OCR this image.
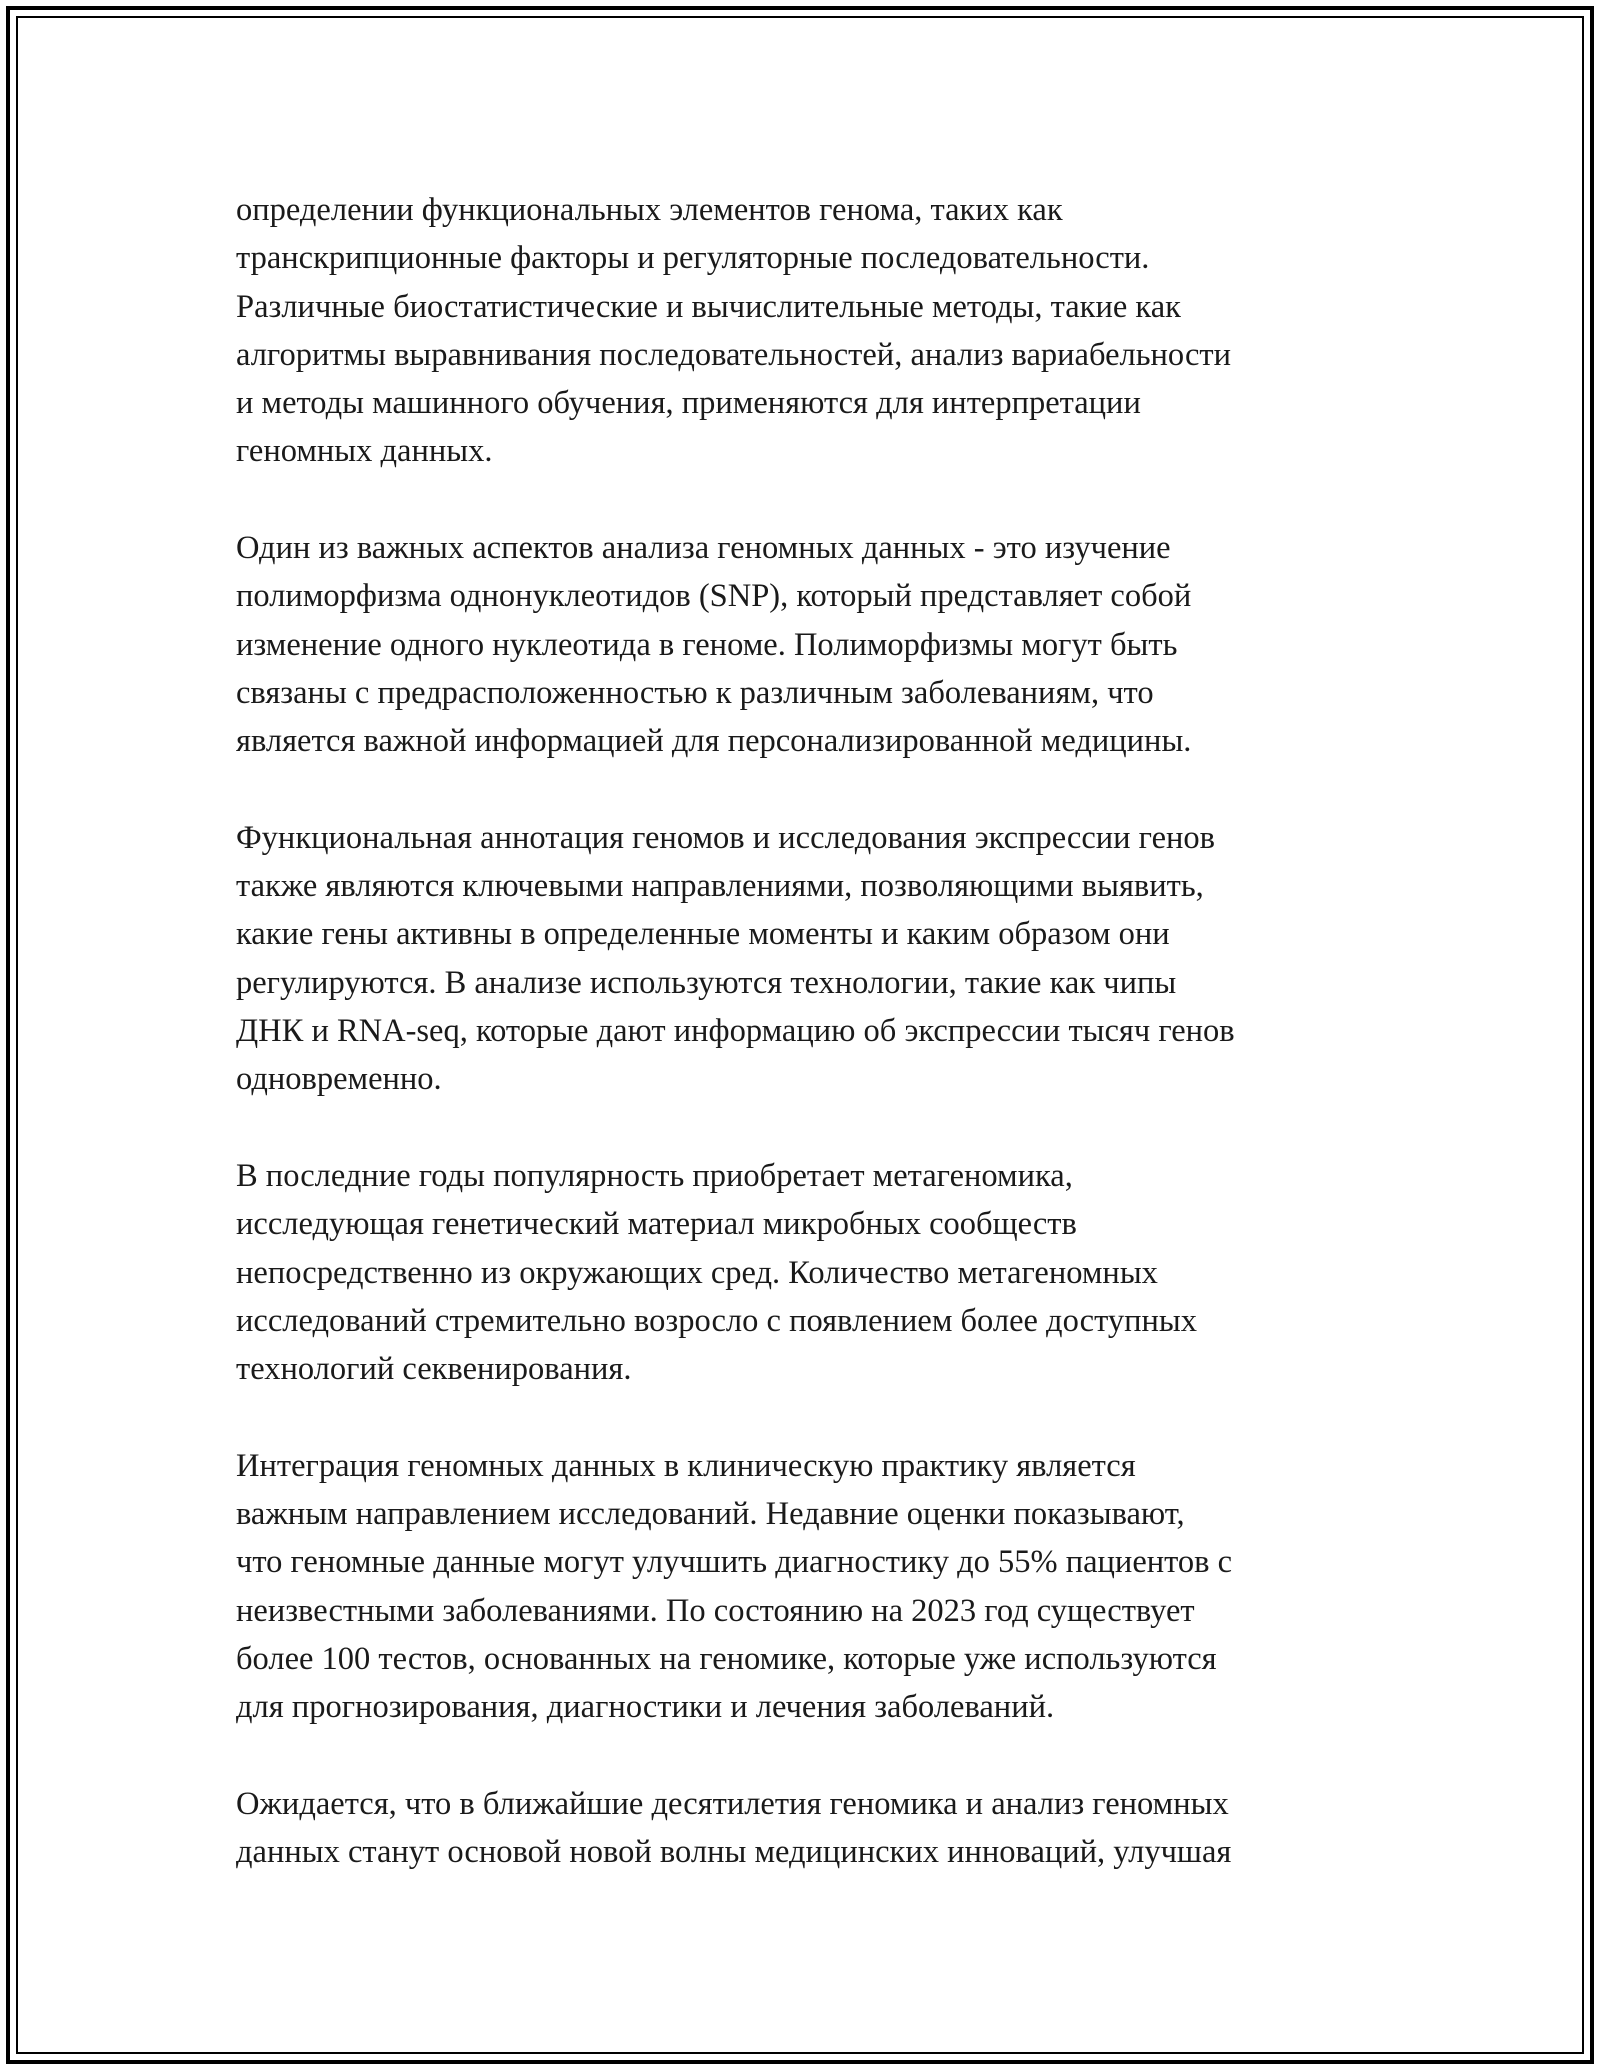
определении функциональных элементов генома, таких как
транскрипционные факторы и регуляторные последовательности.
Различные биостатистические и вычислительные методы, такие как
алгоритмы выравнивания последовательностей, анализ вариабельности
и методы машинного обучения, применяются для интерпретации
геномных данных.

Один из важных аспектов анализа геномных данных - это изучение
полиморфизма однонуклеотидов (SNP), который представляет собой
изменение одного нуклеотида в геноме. Полиморфизмы могут быть
связаны с предрасположенностью к различным заболеваниям, что
является важной информацией для персонализированной медицины.

Функциональная аннотация геномов и исследования экспрессии генов
также являются ключевыми направлениями, позволяющими выявить,
какие гены активны в определенные моменты и каким образом они
регулируются. В анализе используются технологии, такие как чипы
ДНК и RNA-seq, которые дают информацию об экспрессии тысяч генов
одновременно.

В последние годы популярность приобретает метагеномика,
исследующая генетический материал микробных сообществ
непосредственно из окружающих сред. Количество метагеномных
исследований стремительно возросло с появлением более доступных
технологий секвенирования.

Интеграция геномных данных в клиническую практику является
важным направлением исследований. Недавние оценки показывают,
что геномные данные могут улучшить диагностику до 55% пациентов с
неизвестными заболеваниями. По состоянию на 2023 год существует
более 100 тестов, основанных на геномике, которые уже используются
для прогнозирования, диагностики и лечения заболеваний.

Ожидается, что в ближайшие десятилетия геномика и анализ геномных
данных станут основой новой волны медицинских инноваций, улучшая
